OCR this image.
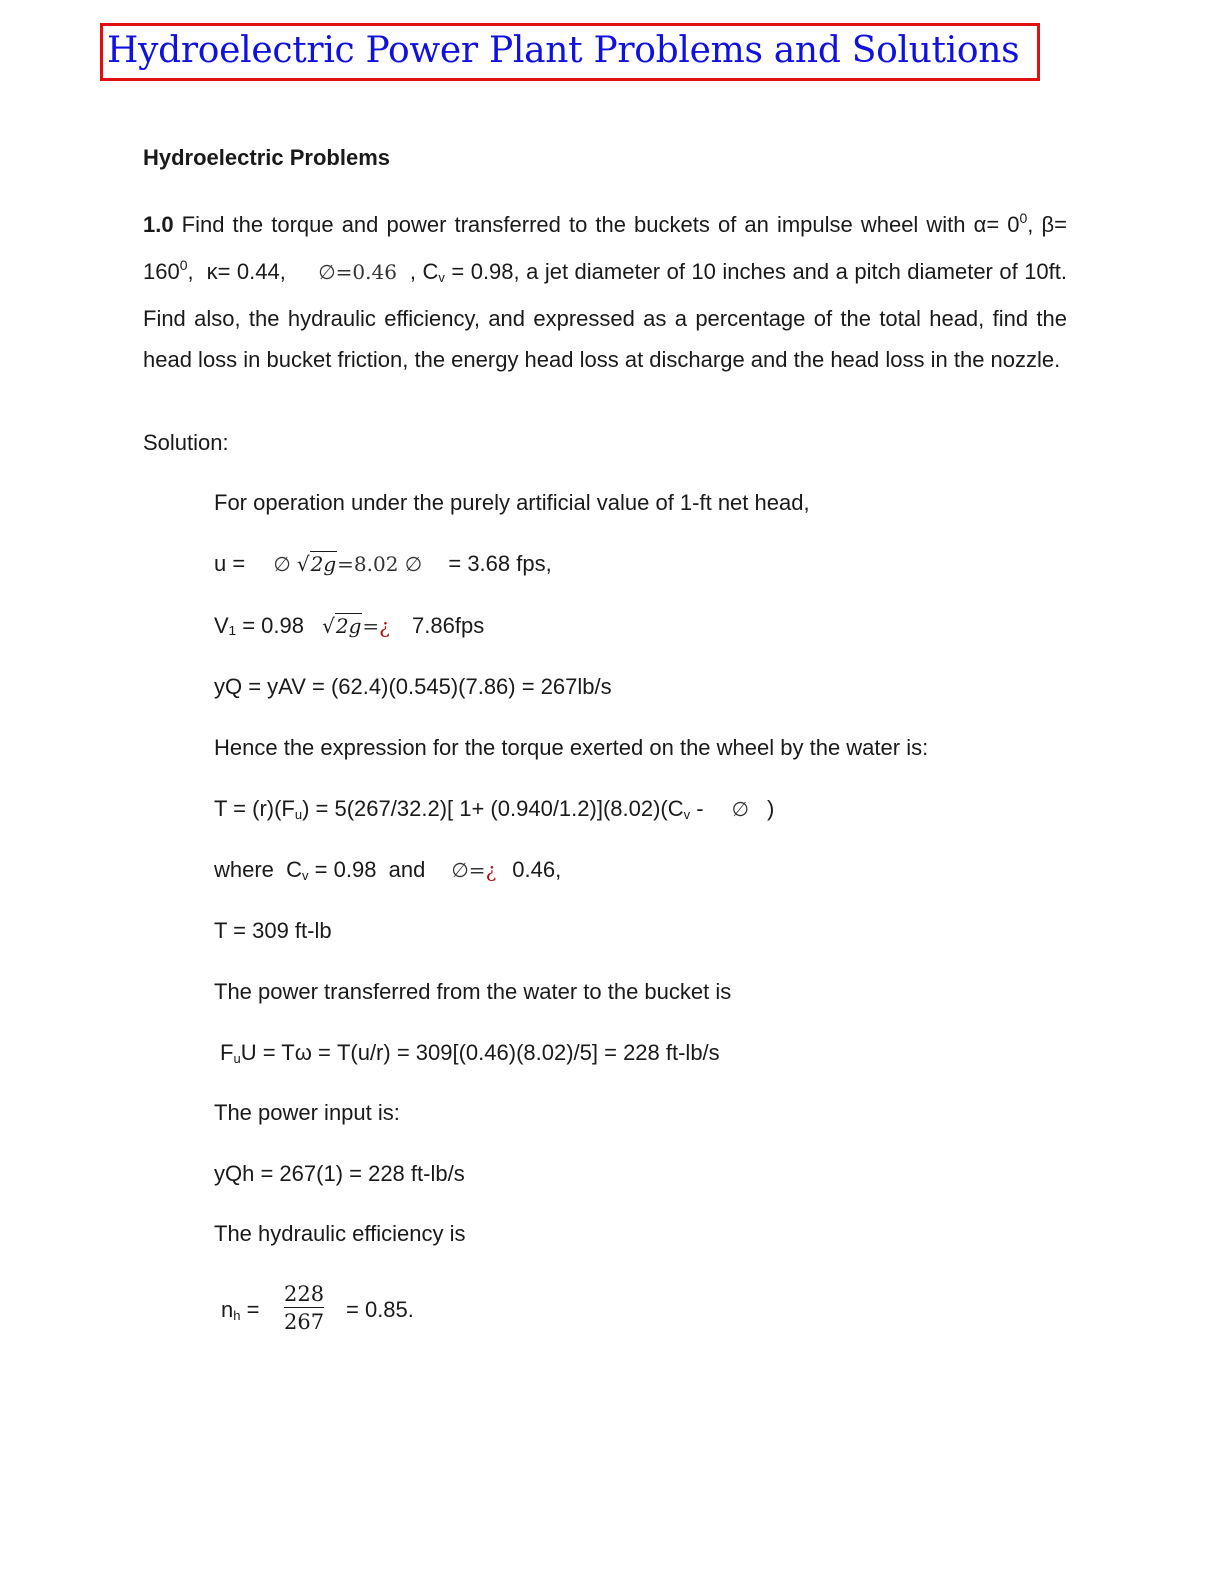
Hydroelectric Power Plant Problems and Solutions
Hydroelectric Problems
1.0 Find the torque and power transferred to the buckets of an impulse wheel with $\alpha= 0^0$, $\beta= 160^0$,  κ= 0.44,     ∅=0.46  , $C_v = 0.98$, a jet diameter of 10 inches and a pitch diameter of 10ft. Find also, the hydraulic efficiency, and expressed as a percentage of the total head, find the head loss in bucket friction, the energy head loss at discharge and the head loss in the nozzle.
Solution:
For operation under the purely artificial value of 1-ft net head,
u = ∅ √2g=8.02 ∅ = 3.68 fps,
V₁ = 0.98 √2g=¿ 7.86fps
yQ = yAV = (62.4)(0.545)(7.86) = 267lb/s
Hence the expression for the torque exerted on the wheel by the water is:
$T = (r)(F_u) = 5(267/32.2)$[ $1+ (0.940/1.2)](8.02)(C_v$ - ∅ )
where  $C_v = 0.98$  and ∅=¿ 0.46,
T = 309 ft-lb
The power transferred from the water to the bucket is
$F_uU = T\omega = T(u/r) = 309[(0.46)(8.02)/5] = 228$ ft-lb/s
The power input is:
yQh = 267(1) = 228 ft-lb/s
The hydraulic efficiency is
$n_h = \frac{228}{267} = 0.85$.
